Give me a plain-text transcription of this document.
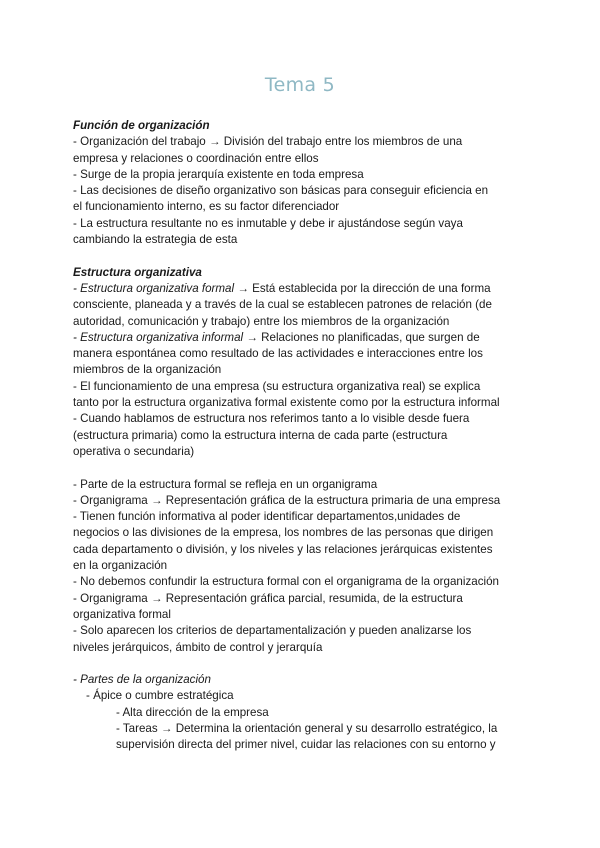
Tema 5
Función de organización
- Organización del trabajo → División del trabajo entre los miembros de una
empresa y relaciones o coordinación entre ellos
- Surge de la propia jerarquía existente en toda empresa
- Las decisiones de diseño organizativo son básicas para conseguir eficiencia en
el funcionamiento interno, es su factor diferenciador
- La estructura resultante no es inmutable y debe ir ajustándose según vaya
cambiando la estrategia de esta
Estructura organizativa
- Estructura organizativa formal → Está establecida por la dirección de una forma
consciente, planeada y a través de la cual se establecen patrones de relación (de
autoridad, comunicación y trabajo) entre los miembros de la organización
- Estructura organizativa informal → Relaciones no planificadas, que surgen de
manera espontánea como resultado de las actividades e interacciones entre los
miembros de la organización
- El funcionamiento de una empresa (su estructura organizativa real) se explica
tanto por la estructura organizativa formal existente como por la estructura informal
- Cuando hablamos de estructura nos referimos tanto a lo visible desde fuera
(estructura primaria) como la estructura interna de cada parte (estructura
operativa o secundaria)
- Parte de la estructura formal se refleja en un organigrama
- Organigrama → Representación gráfica de la estructura primaria de una empresa
- Tienen función informativa al poder identificar departamentos,unidades de
negocios o las divisiones de la empresa, los nombres de las personas que dirigen
cada departamento o división, y los niveles y las relaciones jerárquicas existentes
en la organización
- No debemos confundir la estructura formal con el organigrama de la organización
- Organigrama → Representación gráfica parcial, resumida, de la estructura
organizativa formal
- Solo aparecen los criterios de departamentalización y pueden analizarse los
niveles jerárquicos, ámbito de control y jerarquía
- Partes de la organización
- Ápice o cumbre estratégica
- Alta dirección de la empresa
- Tareas → Determina la orientación general y su desarrollo estratégico, la
supervisión directa del primer nivel, cuidar las relaciones con su entorno y
